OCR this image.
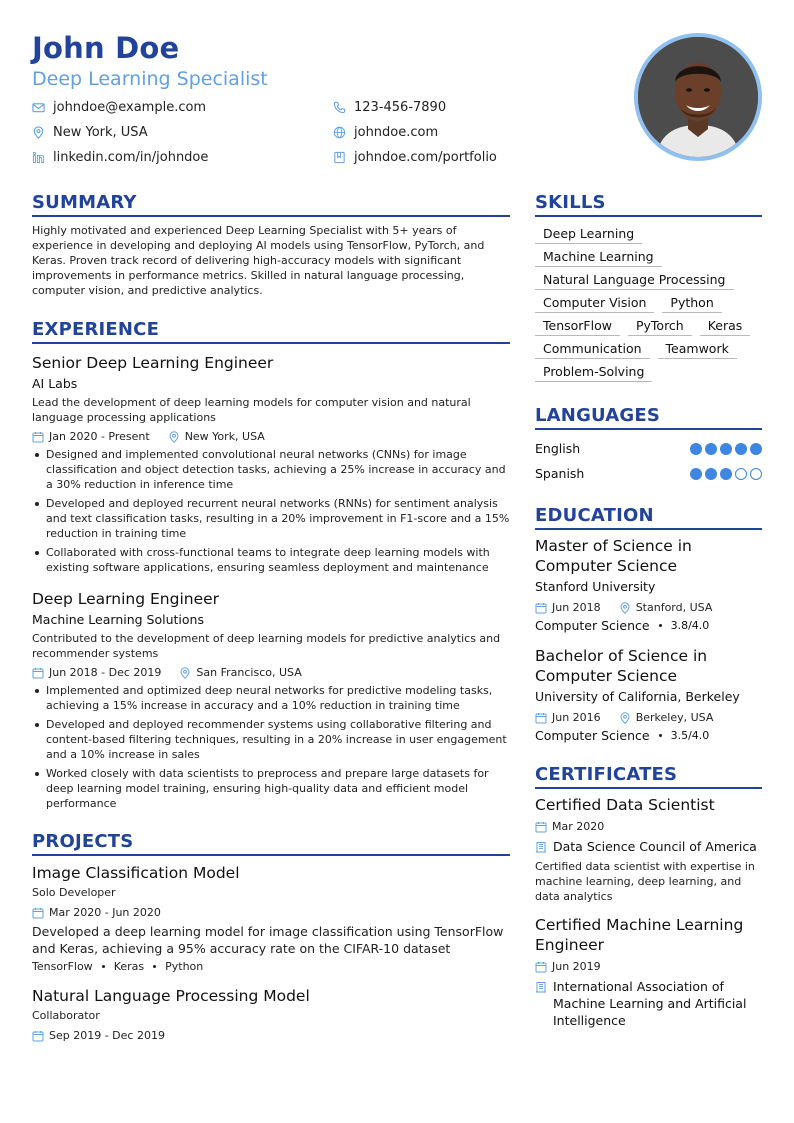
John Doe
Deep Learning Specialist
johndoe@example.com	123-456-7890
New York, USA	johndoe.com
linkedin.com/in/johndoe	johndoe.com/portfolio
SUMMARY
Highly motivated and experienced Deep Learning Specialist with 5+ years of experience in developing and deploying AI models using TensorFlow, PyTorch, and Keras. Proven track record of delivering high-accuracy models with significant improvements in performance metrics. Skilled in natural language processing, computer vision, and predictive analytics.
EXPERIENCE
Senior Deep Learning Engineer
AI Labs
Lead the development of deep learning models for computer vision and natural language processing applications
Jan 2020 - Present	New York, USA
Designed and implemented convolutional neural networks (CNNs) for image classification and object detection tasks, achieving a 25% increase in accuracy and a 30% reduction in inference time
Developed and deployed recurrent neural networks (RNNs) for sentiment analysis and text classification tasks, resulting in a 20% improvement in F1-score and a 15% reduction in training time
Collaborated with cross-functional teams to integrate deep learning models with existing software applications, ensuring seamless deployment and maintenance
Deep Learning Engineer
Machine Learning Solutions
Contributed to the development of deep learning models for predictive analytics and recommender systems
Jun 2018 - Dec 2019	San Francisco, USA
Implemented and optimized deep neural networks for predictive modeling tasks, achieving a 15% increase in accuracy and a 10% reduction in training time
Developed and deployed recommender systems using collaborative filtering and content-based filtering techniques, resulting in a 20% increase in user engagement and a 10% increase in sales
Worked closely with data scientists to preprocess and prepare large datasets for deep learning model training, ensuring high-quality data and efficient model performance
PROJECTS
Image Classification Model
Solo Developer
Mar 2020 - Jun 2020
Developed a deep learning model for image classification using TensorFlow and Keras, achieving a 95% accuracy rate on the CIFAR-10 dataset
TensorFlow Keras Python
Natural Language Processing Model
Collaborator
Sep 2019 - Dec 2019
SKILLS
Deep Learning
Machine Learning
Natural Language Processing
Computer Vision	Python
TensorFlow	PyTorch	Keras
Communication	Teamwork
Problem-Solving
LANGUAGES
English
Spanish
EDUCATION
Master of Science in Computer Science
Stanford University
Jun 2018	Stanford, USA
Computer Science 3.8/4.0
Bachelor of Science in Computer Science
University of California, Berkeley
Jun 2016	Berkeley, USA
Computer Science 3.5/4.0
CERTIFICATES
Certified Data Scientist
Mar 2020
Data Science Council of America
Certified data scientist with expertise in machine learning, deep learning, and data analytics
Certified Machine Learning Engineer
Jun 2019
International Association of Machine Learning and Artificial Intelligence
